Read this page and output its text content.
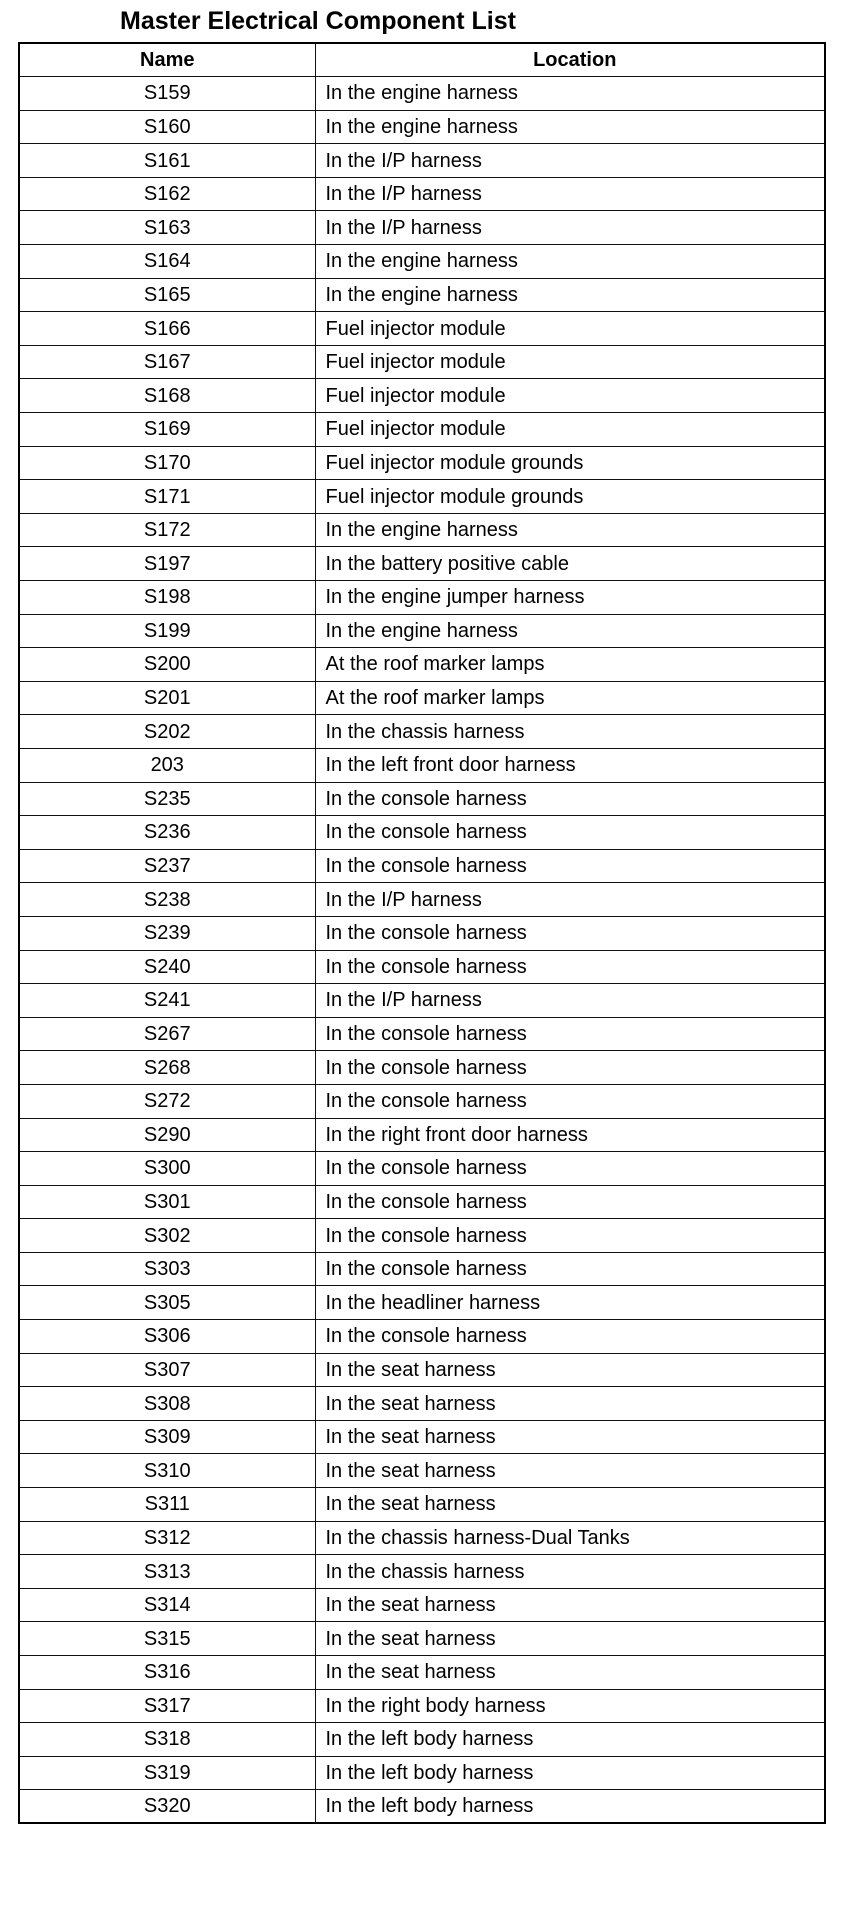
Master Electrical Component List
Name	Location
S159	In the engine harness
S160	In the engine harness
S161	In the I/P harness
S162	In the I/P harness
S163	In the I/P harness
S164	In the engine harness
S165	In the engine harness
S166	Fuel injector module
S167	Fuel injector module
S168	Fuel injector module
S169	Fuel injector module
S170	Fuel injector module grounds
S171	Fuel injector module grounds
S172	In the engine harness
S197	In the battery positive cable
S198	In the engine jumper harness
S199	In the engine harness
S200	At the roof marker lamps
S201	At the roof marker lamps
S202	In the chassis harness
203	In the left front door harness
S235	In the console harness
S236	In the console harness
S237	In the console harness
S238	In the I/P harness
S239	In the console harness
S240	In the console harness
S241	In the I/P harness
S267	In the console harness
S268	In the console harness
S272	In the console harness
S290	In the right front door harness
S300	In the console harness
S301	In the console harness
S302	In the console harness
S303	In the console harness
S305	In the headliner harness
S306	In the console harness
S307	In the seat harness
S308	In the seat harness
S309	In the seat harness
S310	In the seat harness
S311	In the seat harness
S312	In the chassis harness-Dual Tanks
S313	In the chassis harness
S314	In the seat harness
S315	In the seat harness
S316	In the seat harness
S317	In the right body harness
S318	In the left body harness
S319	In the left body harness
S320	In the left body harness
